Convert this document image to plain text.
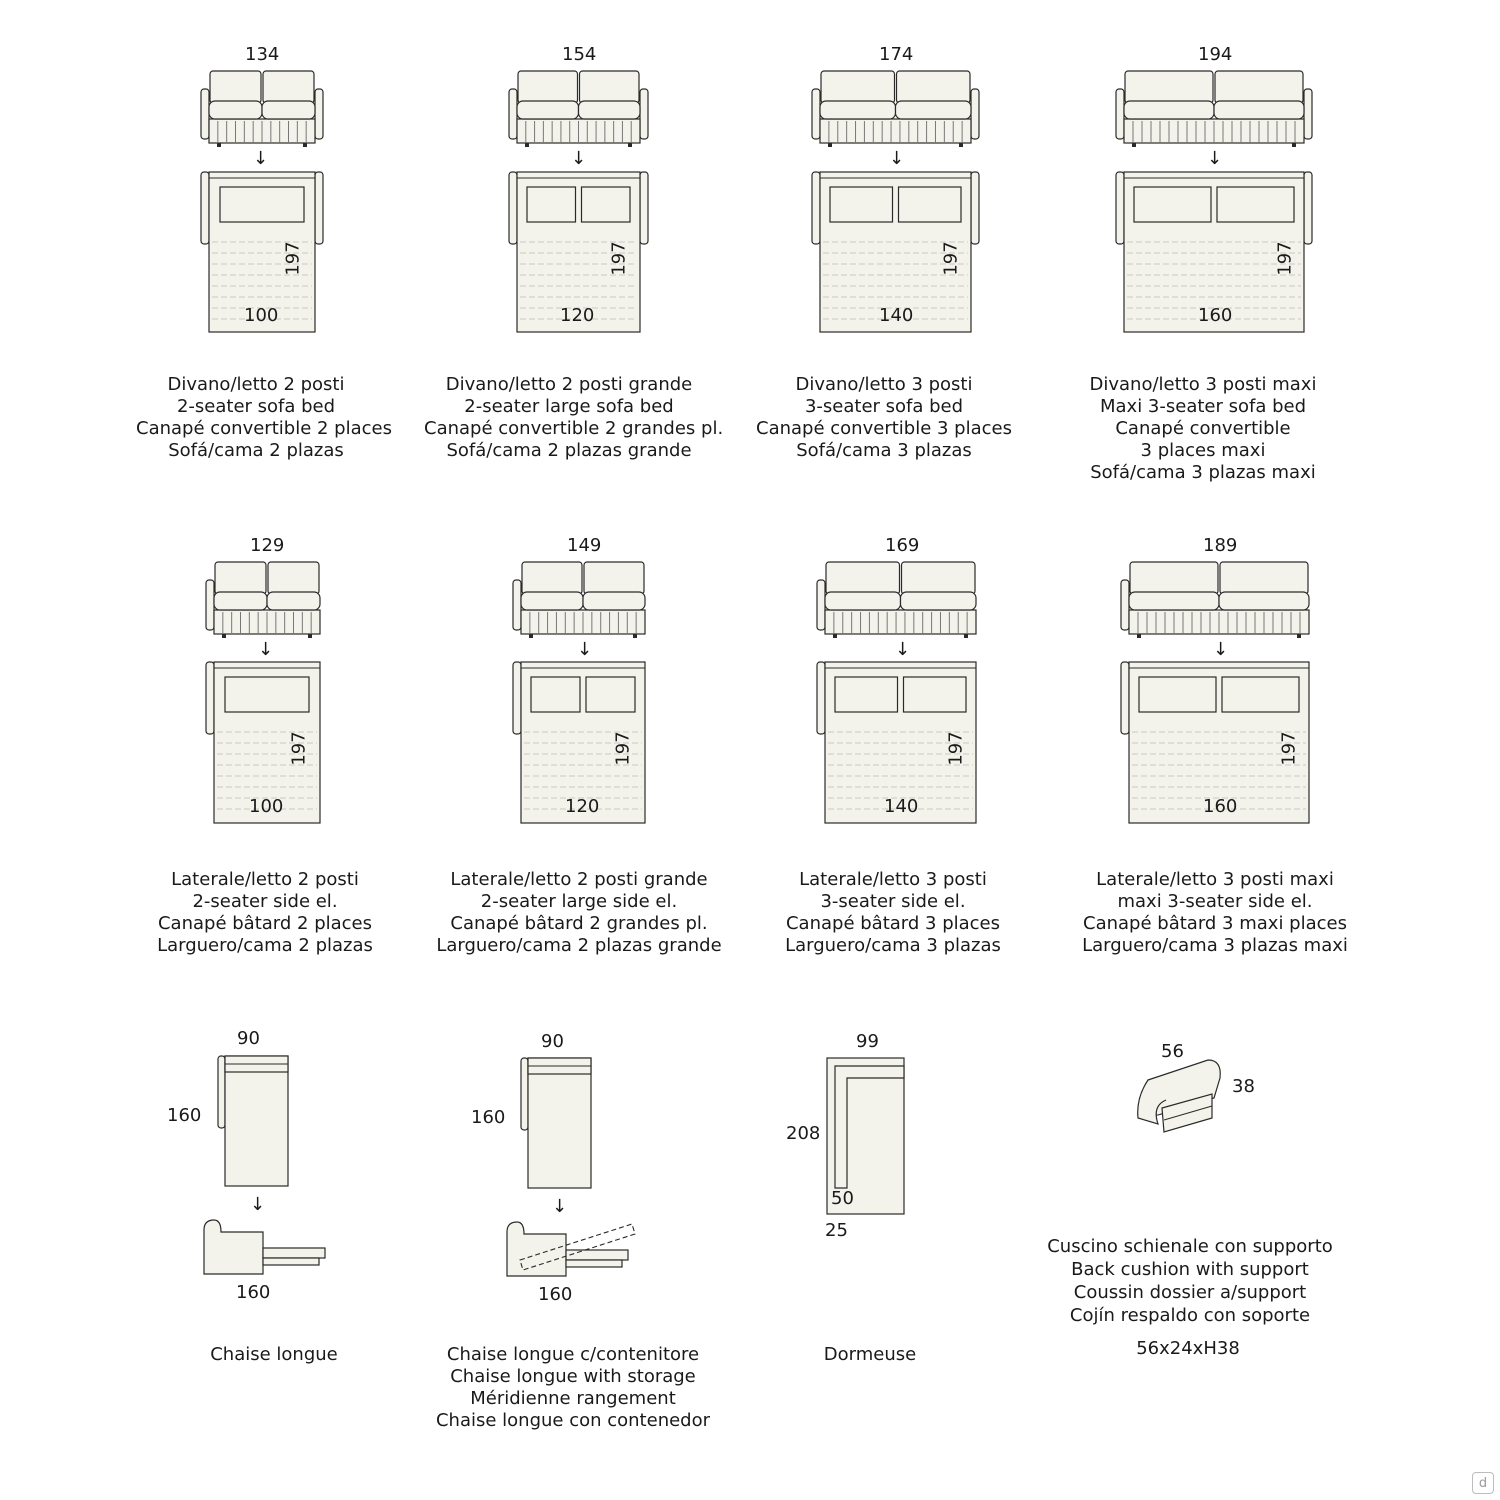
134	154	174	194
↓	↓	↓	↓
197	197	197	197
100	120	140	160
Divano/letto 2 posti
2-seater sofa bed
Canapé convertible 2 places
Sofá/cama 2 plazas
Divano/letto 2 posti grande
2-seater large sofa bed
Canapé convertible 2 grandes pl.
Sofá/cama 2 plazas grande
Divano/letto 3 posti
3-seater sofa bed
Canapé convertible 3 places
Sofá/cama 3 plazas
Divano/letto 3 posti maxi
Maxi 3-seater sofa bed
Canapé convertible
3 places maxi
Sofá/cama 3 plazas maxi
129	149	169	189
↓	↓	↓	↓
197	197	197	197
100	120	140	160
Laterale/letto 2 posti
2-seater side el.
Canapé bâtard 2 places
Larguero/cama 2 plazas
Laterale/letto 2 posti grande
2-seater large side el.
Canapé bâtard 2 grandes pl.
Larguero/cama 2 plazas grande
Laterale/letto 3 posti
3-seater side el.
Canapé bâtard 3 places
Larguero/cama 3 plazas
Laterale/letto 3 posti maxi
maxi 3-seater side el.
Canapé bâtard 3 maxi places
Larguero/cama 3 plazas maxi
90
160
↓
160
Chaise longue
90
160
↓
160
Chaise longue c/contenitore
Chaise longue with storage
Méridienne rangement
Chaise longue con contenedor
99
208
50
25
Dormeuse
56
38
Cuscino schienale con supporto
Back cushion with support
Coussin dossier a/support
Cojín respaldo con soporte
56x24xH38
d
